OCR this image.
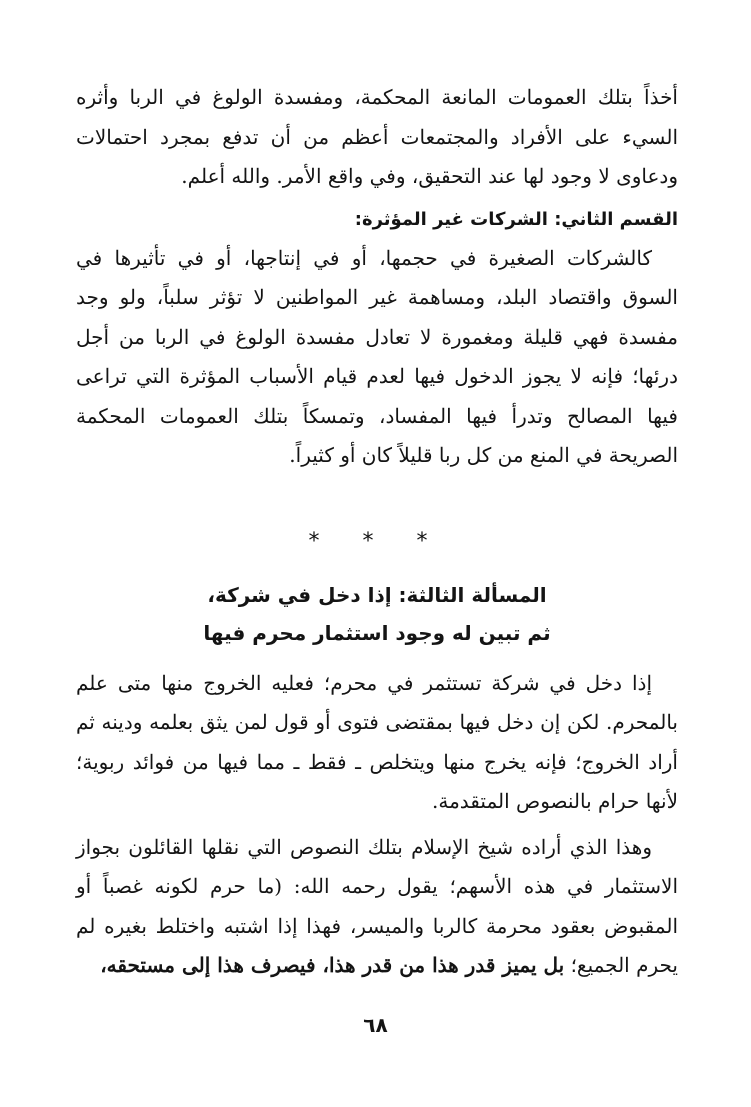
أخذاً بتلك العمومات المانعة المحكمة، ومفسدة الولوغ في الربا وأثره السيء على الأفراد والمجتمعات أعظم من أن تدفع بمجرد احتمالات ودعاوى لا وجود لها عند التحقيق، وفي واقع الأمر. والله أعلم.

القسم الثاني: الشركات غير المؤثرة:

كالشركات الصغيرة في حجمها، أو في إنتاجها، أو في تأثيرها في السوق واقتصاد البلد، ومساهمة غير المواطنين لا تؤثر سلباً، ولو وجد مفسدة فهي قليلة ومغمورة لا تعادل مفسدة الولوغ في الربا من أجل درئها؛ فإنه لا يجوز الدخول فيها لعدم قيام الأسباب المؤثرة التي تراعى فيها المصالح وتدرأ فيها المفساد، وتمسكاً بتلك العمومات المحكمة الصريحة في المنع من كل ربا قليلاً كان أو كثيراً.

* * *
المسألة الثالثة: إذا دخل في شركة،
ثم تبين له وجود استثمار محرم فيها

إذا دخل في شركة تستثمر في محرم؛ فعليه الخروج منها متى علم بالمحرم. لكن إن دخل فيها بمقتضى فتوى أو قول لمن يثق بعلمه ودينه ثم أراد الخروج؛ فإنه يخرج منها ويتخلص ـ فقط ـ مما فيها من فوائد ربوية؛ لأنها حرام بالنصوص المتقدمة.

وهذا الذي أراده شيخ الإسلام بتلك النصوص التي نقلها القائلون بجواز الاستثمار في هذه الأسهم؛ يقول رحمه الله: (ما حرم لكونه غصباً أو المقبوض بعقود محرمة كالربا والميسر، فهذا إذا اشتبه واختلط بغيره لم يحرم الجميع؛ بل يميز قدر هذا من قدر هذا، فيصرف هذا إلى مستحقه،

٦٨
